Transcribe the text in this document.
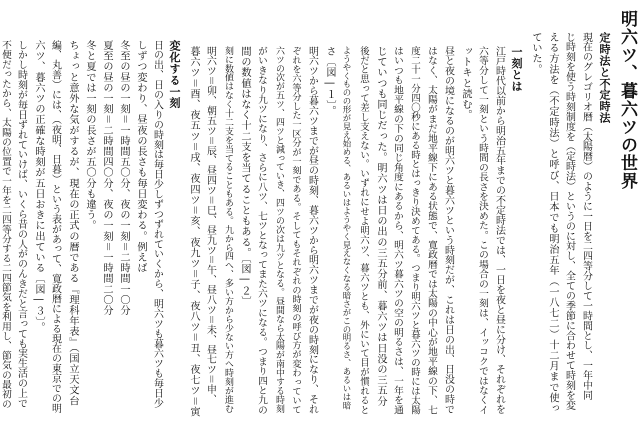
明六ツ、暮六ツの世界
定時法と不定時法
現在のグレゴリオ暦（太陽暦）のように一日を二四等分して一時間とし、一年中同
じ時刻を使う時刻制度を（定時法）というのに対し、全ての季節に合わせて時刻を変
える方法を（不定時法）と呼び、日本でも明治五年（一八七二）十二月まで使っ
ていた。
一刻とは
江戸時代以前から明治五年までの不定時法では、一日を夜と昼に分け、それぞれを
六等分して一刻という時間の長さを決めた。この場合の一刻は、イッコクではなくイ
ットキと読む。
昼と夜の境になるのが明六ツと暮六ツという時刻だが、これは日の出、日没の時で
はなく、太陽がまだ地平線下にある状態で、寛政暦では太陽の中心が地平線の下、七
度二十一分四〇秒にある時とはっきり決めてある。つまり明六ツと暮六ツの時には太陽
はいつも地平線の下の同じ角度にあるから、明六ツ暮六ツの空の明るさは、一年を通
じていつも同じだった。明六ツは日の出の三五分前、暮六ツは日没の三五分
後だと思って差し支えない。いずれにせよ明六ツ、暮六ツとも、外にいて目が慣れると
ようやくものの形が見え始める、あるいはようやく見えなくなる暗さがこの明るさ、あるいは暗
さ〔図―１〕。
明六ツから暮六ツまでが昼の時刻、暮六ツから明六ツまでが夜の時刻になり、それ
ぞれを六等分した一区分が一刻である。そしてもそれぞれの時刻の呼び方が変わっていて
六ツの次が五ツ、四ツと減っていき、四ツの次は九ツとなる。昼間なら太陽が南中する時刻
がいきなり九ツになり、さらに八ツ、七ツとなってまた六ツになる。つまり四と九の
間の数値はなく十二支を当てることもある。〔図―２〕
刻に数値はなく十二支を当てることもある。九から四へ、多い方から少ない方へ時刻が進む
明六ツ＝卯、朝五ツ＝辰、昼四ツ＝巳、昼九ツ＝午、昼八ツ＝未、昼七ツ＝申、
暮六ツ＝酉、夜五ツ＝戌、夜四ツ＝亥、夜九ツ＝子、夜八ツ＝丑、夜七ツ＝寅
変化する一刻
日の出、日の入りの時刻は毎日少しずつずれていくから、明六ツも暮六ツも毎日少
しずつ変わり、昼夜の長さも毎日変わる。例えば
冬至の昼の一刻＝一時間五〇分、夜の一刻＝二時間一〇分
夏至の昼の一刻＝二時間四〇分、夜の一刻＝一時間二〇分
冬と夏では一刻の長さが五〇分も違う。
ちょっと意外な気がするが、現在の正式の暦である『理科年表』（国立天文台
編、丸善）には、（夜明、日暮）という表があって、寛政暦による現在の東京での明
六ツ、暮六ツの正確な時刻が五日おきに出ている〔図―３〕。
しかし時刻が毎日ずれていけば、いくら昔の人がのんきだと言っても実生活の上で
不便だったから、太陽の位置で一年を二四等分する二四節気を利用し、節気の最初の
